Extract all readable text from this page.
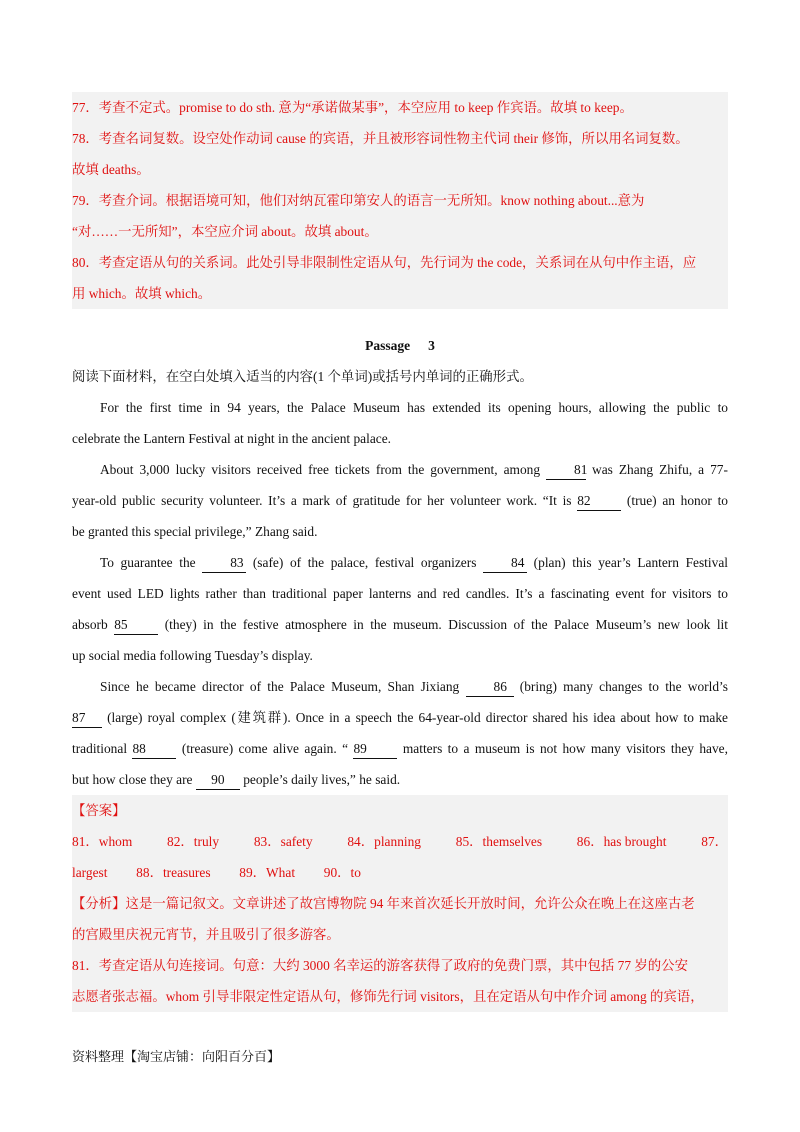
77．考查不定式。promise to do sth. 意为“承诺做某事”，本空应用 to keep 作宾语。故填 to keep。
78．考查名词复数。设空处作动词 cause 的宾语，并且被形容词性物主代词 their 修饰，所以用名词复数。
故填 deaths。
79．考查介词。根据语境可知，他们对纳瓦霍印第安人的语言一无所知。know nothing about...意为
“对……一无所知”，本空应介词 about。故填 about。
80．考查定语从句的关系词。此处引导非限制性定语从句，先行词为 the code，关系词在从句中作主语，应
用 which。故填 which。
Passage 3
阅读下面材料，在空白处填入适当的内容(1 个单词)或括号内单词的正确形式。
For the first time in 94 years, the Palace Museum has extended its opening hours, allowing the public to
celebrate the Lantern Festival at night in the ancient palace.
About 3,000 lucky visitors received free tickets from the government, among	81 was Zhang Zhifu, a 77-
year-old public security volunteer. It’s a mark of gratitude for her volunteer work. “It is 82	(true) an honor to
be granted this special privilege,” Zhang said.
To guarantee the	83 (safe) of the palace, festival organizers	84 (plan) this year’s Lantern Festival
event used LED lights rather than traditional paper lanterns and red candles. It’s a fascinating event for visitors to
absorb 85	(they) in the festive atmosphere in the museum. Discussion of the Palace Museum’s new look lit
up social media following Tuesday’s display.
Since he became director of the Palace Museum, Shan Jixiang	86 (bring) many changes to the world’s
87 (large) royal complex (建筑群). Once in a speech the 64-year-old director shared his idea about how to make
traditional 88	(treasure) come alive again. “ 89	matters to a museum is not how many visitors they have,
but how close they are 90 people’s daily lives,” he said.
【答案】
81．whom	82．truly	83．safety	84．planning	85．themselves	86．has brought	87．
largest 88．treasures 89．What 90．to
【分析】这是一篇记叙文。文章讲述了故宫博物院 94 年来首次延长开放时间，允许公众在晚上在这座古老
的宫殿里庆祝元宵节，并且吸引了很多游客。
81．考查定语从句连接词。句意：大约 3000 名幸运的游客获得了政府的免费门票，其中包括 77 岁的公安
志愿者张志福。whom 引导非限定性定语从句，修饰先行词 visitors，且在定语从句中作介词 among 的宾语，
资料整理【淘宝店铺：向阳百分百】
